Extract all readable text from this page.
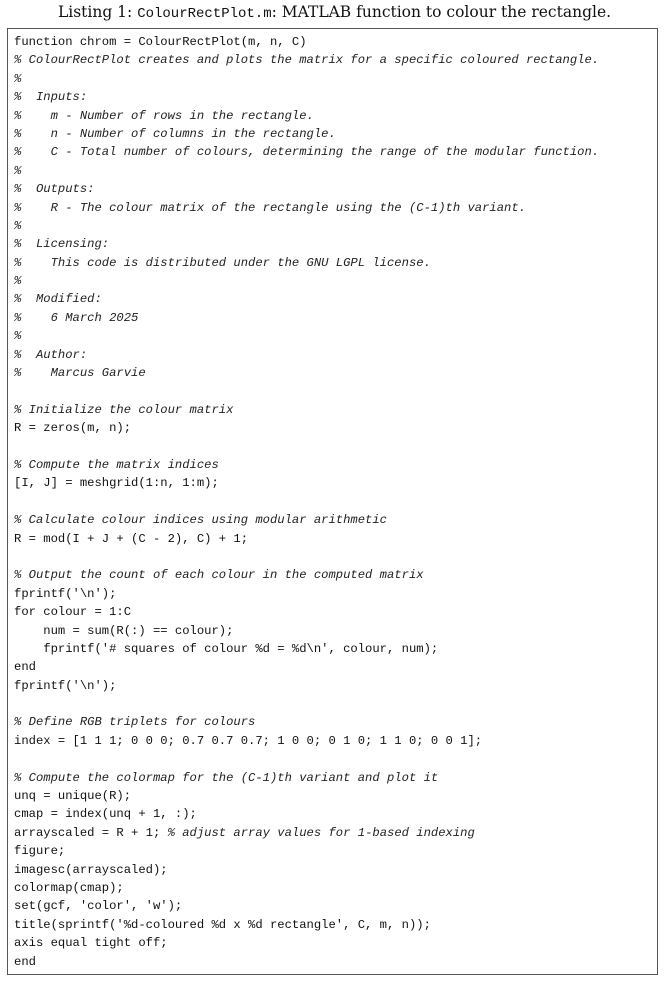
Listing 1: ColourRectPlot.m: MATLAB function to colour the rectangle.
function chrom = ColourRectPlot(m, n, C)
% ColourRectPlot creates and plots the matrix for a specific coloured rectangle.
%
%  Inputs:
%    m - Number of rows in the rectangle.
%    n - Number of columns in the rectangle.
%    C - Total number of colours, determining the range of the modular function.
%
%  Outputs:
%    R - The colour matrix of the rectangle using the (C-1)th variant.
%
%  Licensing:
%    This code is distributed under the GNU LGPL license.
%
%  Modified:
%    6 March 2025
%
%  Author:
%    Marcus Garvie
% Initialize the colour matrix
R = zeros(m, n);
% Compute the matrix indices
[I, J] = meshgrid(1:n, 1:m);
% Calculate colour indices using modular arithmetic
R = mod(I + J + (C - 2), C) + 1;
% Output the count of each colour in the computed matrix
fprintf('\n');
for colour = 1:C
num = sum(R(:) == colour);
fprintf('# squares of colour %d = %d\n', colour, num);
end
fprintf('\n');
% Define RGB triplets for colours
index = [1 1 1; 0 0 0; 0.7 0.7 0.7; 1 0 0; 0 1 0; 1 1 0; 0 0 1];
% Compute the colormap for the (C-1)th variant and plot it
unq = unique(R);
cmap = index(unq + 1, :);
arrayscaled = R + 1; % adjust array values for 1-based indexing
figure;
imagesc(arrayscaled);
colormap(cmap);
set(gcf, 'color', 'w');
title(sprintf('%d-coloured %d x %d rectangle', C, m, n));
axis equal tight off;
end
